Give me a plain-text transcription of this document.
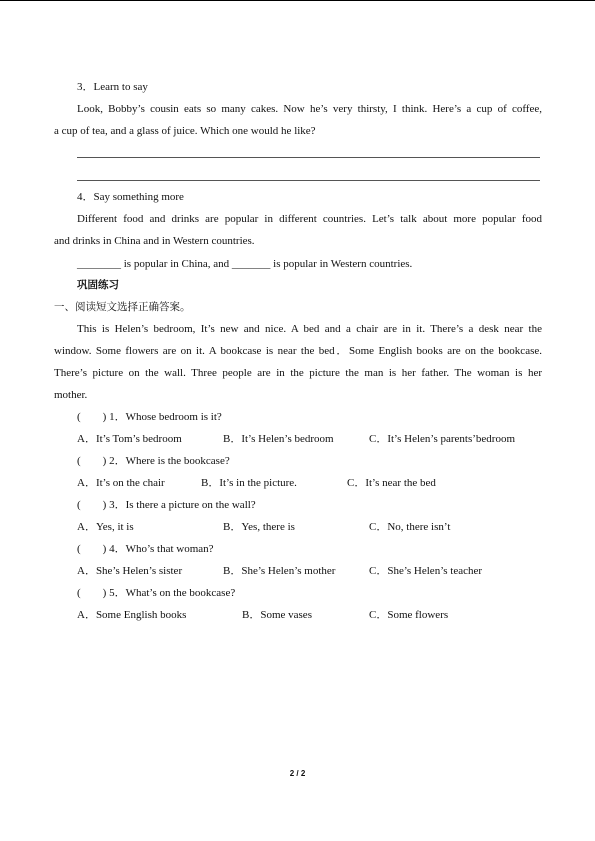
3．Learn to say
Look, Bobby’s cousin eats so many cakes. Now he’s very thirsty, I think. Here’s a cup of coffee,
a cup of tea, and a glass of juice. Which one would he like?
4．Say something more
Different food and drinks are popular in different countries. Let’s talk about more popular food
and drinks in China and in Western countries.
________ is popular in China, and _______ is popular in Western countries.
巩固练习
一、阅读短文选择正确答案。
This is Helen’s bedroom, It’s new and nice. A bed and a chair are in it. There’s a desk near the
window. Some flowers are on it. A bookcase is near the bed．Some English books are on the bookcase.
There’s picture on the wall. Three people are in the picture the man is her father. The woman is her
mother.
(　　) 1．Whose bedroom is it?
A．It’s Tom’s bedroom	B．It’s Helen’s bedroom	C．It’s Helen’s parents’bedroom
(　　) 2．Where is the bookcase?
A．It’s on the chair	B．It’s in the picture.	C．It’s near the bed
(　　) 3．Is there a picture on the wall?
A．Yes, it is	B．Yes, there is	C．No, there isn’t
(　　) 4．Who’s that woman?
A．She’s Helen’s sister	B．She’s Helen’s mother	C．She’s Helen’s teacher
(　　) 5．What’s on the bookcase?
A．Some English books	B．Some vases	C．Some flowers
2 / 2
